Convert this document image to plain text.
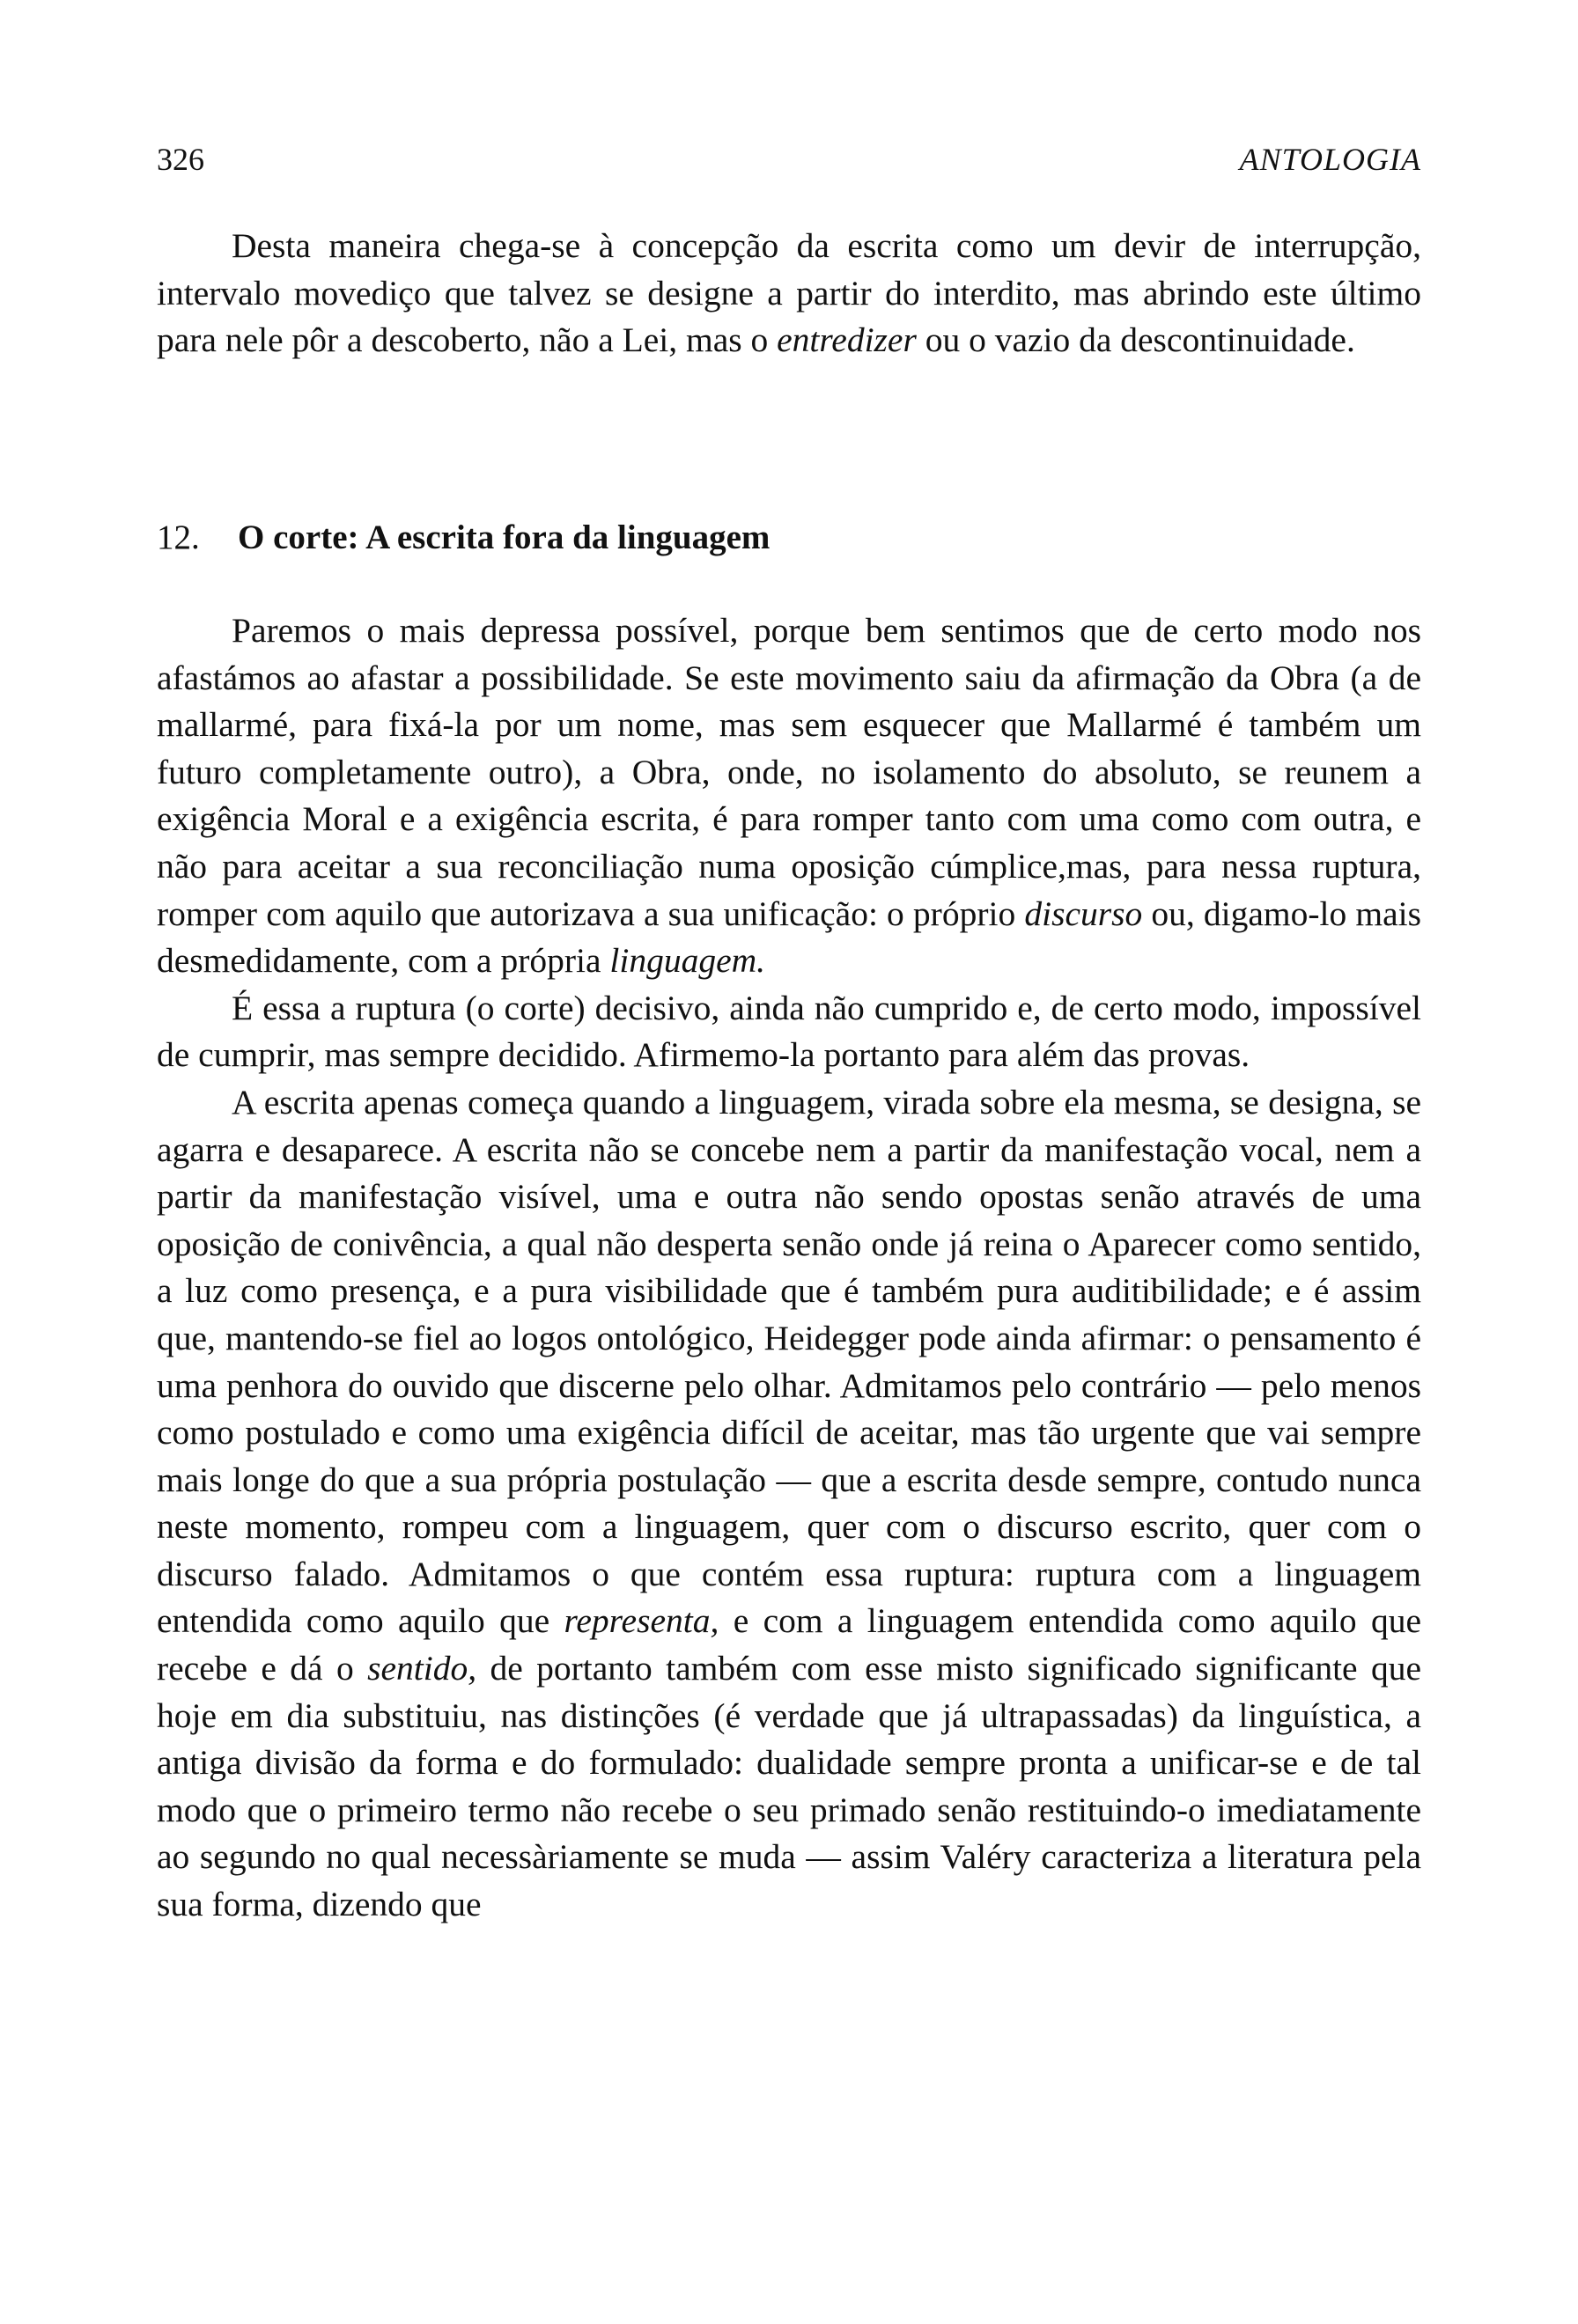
326	ANTOLOGIA

Desta maneira chega-se à concepção da escrita como um devir de interrupção, intervalo movediço que talvez se designe a partir do interdito, mas abrindo este último para nele pôr a descoberto, não a Lei, mas o entredizer ou o vazio da descontinuidade.

12. O corte: A escrita fora da linguagem

Paremos o mais depressa possível, porque bem sentimos que de certo modo nos afastámos ao afastar a possibilidade. Se este movimento saiu da afirmação da Obra (a de mallarmé, para fixá-la por um nome, mas sem esquecer que Mallarmé é também um futuro completamente outro), a Obra, onde, no isolamento do absoluto, se reunem a exigência Moral e a exigência escrita, é para romper tanto com uma como com outra, e não para aceitar a sua reconciliação numa oposição cúmplice,mas, para nessa ruptura, romper com aquilo que autorizava a sua unificação: o próprio discurso ou, digamo-lo mais desmedidamente, com a própria linguagem.

É essa a ruptura (o corte) decisivo, ainda não cumprido e, de certo modo, impossível de cumprir, mas sempre decidido. Afirmemo-la portanto para além das provas.

A escrita apenas começa quando a linguagem, virada sobre ela mesma, se designa, se agarra e desaparece. A escrita não se concebe nem a partir da manifestação vocal, nem a partir da manifestação visível, uma e outra não sendo opostas senão através de uma oposição de conivência, a qual não desperta senão onde já reina o Aparecer como sentido, a luz como presença, e a pura visibilidade que é também pura auditibilidade; e é assim que, mantendo-se fiel ao logos ontológico, Heidegger pode ainda afirmar: o pensamento é uma penhora do ouvido que discerne pelo olhar. Admitamos pelo contrário — pelo menos como postulado e como uma exigência difícil de aceitar, mas tão urgente que vai sempre mais longe do que a sua própria postulação — que a escrita desde sempre, contudo nunca neste momento, rompeu com a linguagem, quer com o discurso escrito, quer com o discurso falado. Admitamos o que contém essa ruptura: ruptura com a linguagem entendida como aquilo que representa, e com a linguagem entendida como aquilo que recebe e dá o sentido, de portanto também com esse misto significado significante que hoje em dia substituiu, nas distinções (é verdade que já ultrapassadas) da linguística, a antiga divisão da forma e do formulado: dualidade sempre pronta a unificar-se e de tal modo que o primeiro termo não recebe o seu primado senão restituindo-o imediatamente ao segundo no qual necessàriamente se muda — assim Valéry caracteriza a literatura pela sua forma, dizendo que
